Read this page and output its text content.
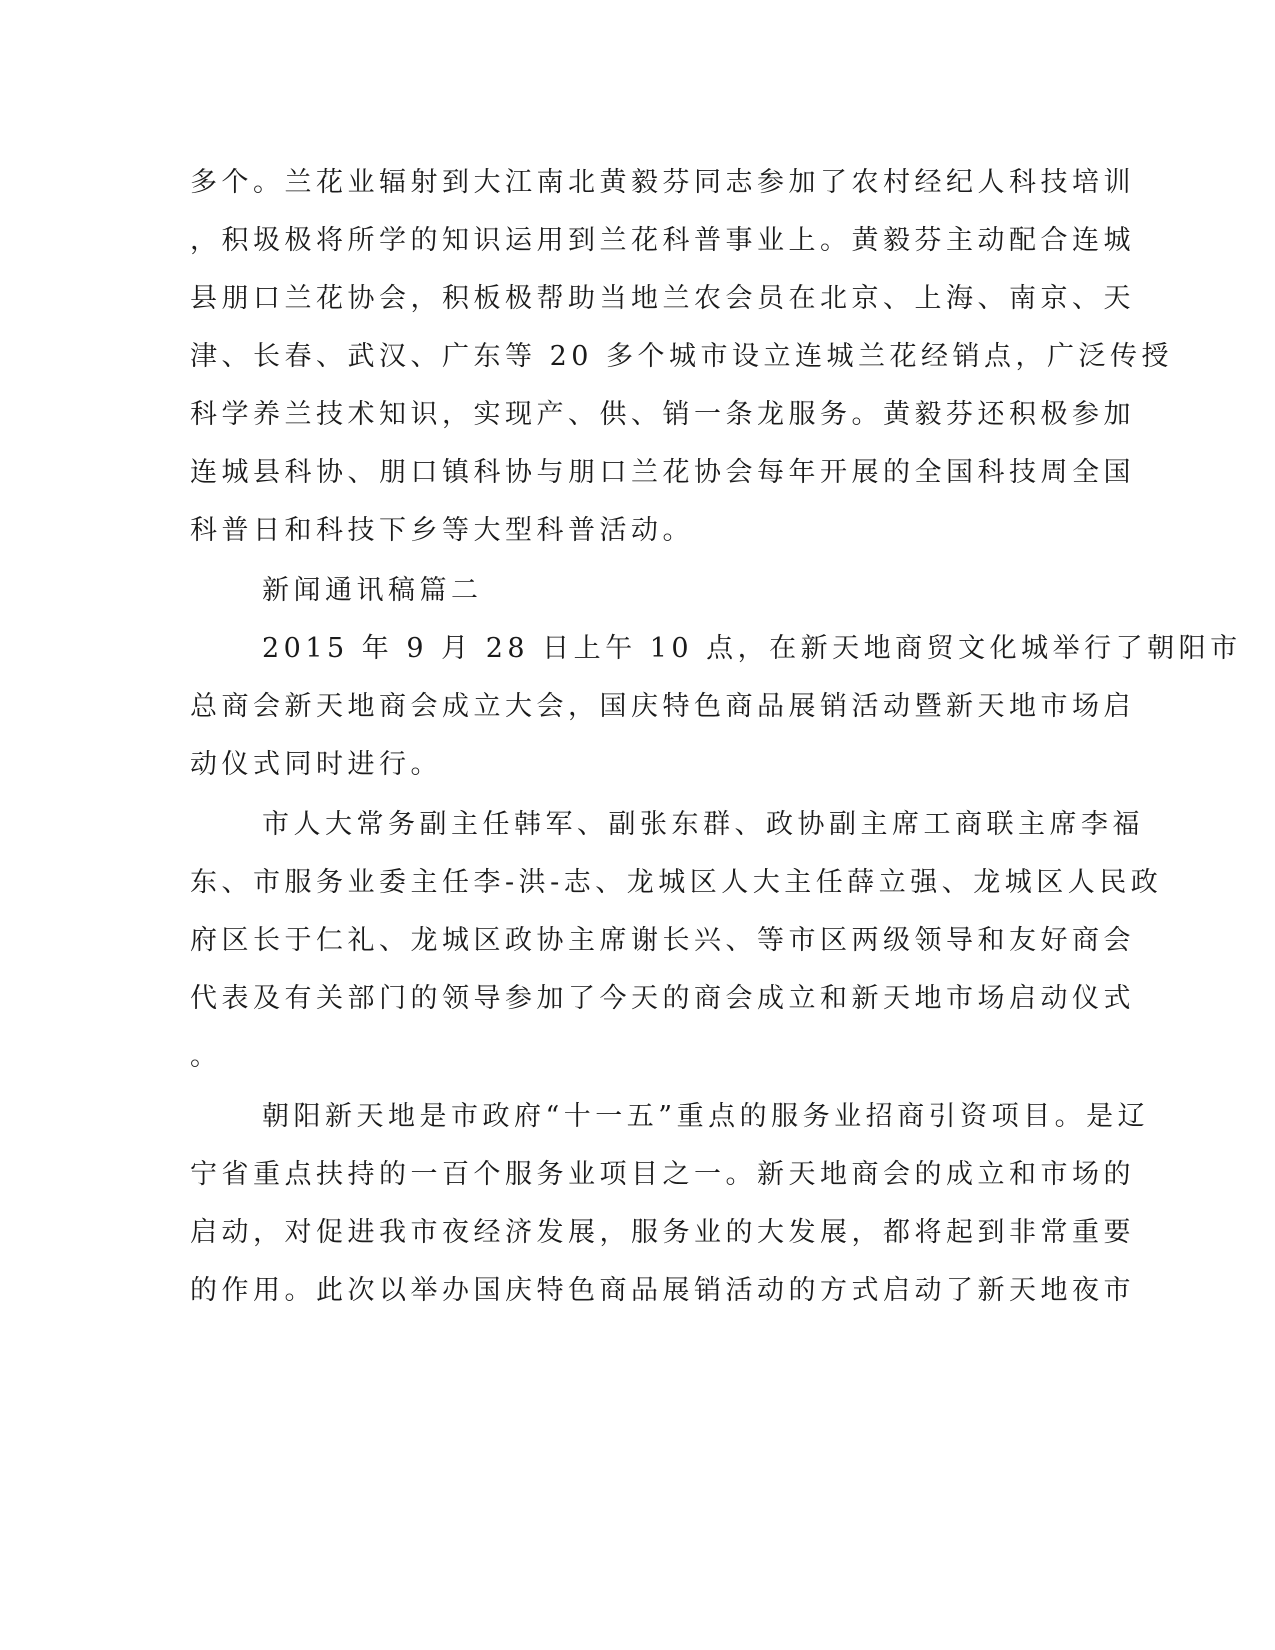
多个。兰花业辐射到大江南北黄毅芬同志参加了农村经纪人科技培训
，积圾极将所学的知识运用到兰花科普事业上。黄毅芬主动配合连城
县朋口兰花协会，积板极帮助当地兰农会员在北京、上海、南京、天
津、长春、武汉、广东等 20 多个城市设立连城兰花经销点，广泛传授
科学养兰技术知识，实现产、供、销一条龙服务。黄毅芬还积极参加
连城县科协、朋口镇科协与朋口兰花协会每年开展的全国科技周全国
科普日和科技下乡等大型科普活动。
新闻通讯稿篇二
2015 年 9 月 28 日上午 10 点，在新天地商贸文化城举行了朝阳市
总商会新天地商会成立大会，国庆特色商品展销活动暨新天地市场启
动仪式同时进行。
市人大常务副主任韩军、副张东群、政协副主席工商联主席李福
东、市服务业委主任李-洪-志、龙城区人大主任薛立强、龙城区人民政
府区长于仁礼、龙城区政协主席谢长兴、等市区两级领导和友好商会
代表及有关部门的领导参加了今天的商会成立和新天地市场启动仪式
。
朝阳新天地是市政府“十一五”重点的服务业招商引资项目。是辽
宁省重点扶持的一百个服务业项目之一。新天地商会的成立和市场的
启动，对促进我市夜经济发展，服务业的大发展，都将起到非常重要
的作用。此次以举办国庆特色商品展销活动的方式启动了新天地夜市
